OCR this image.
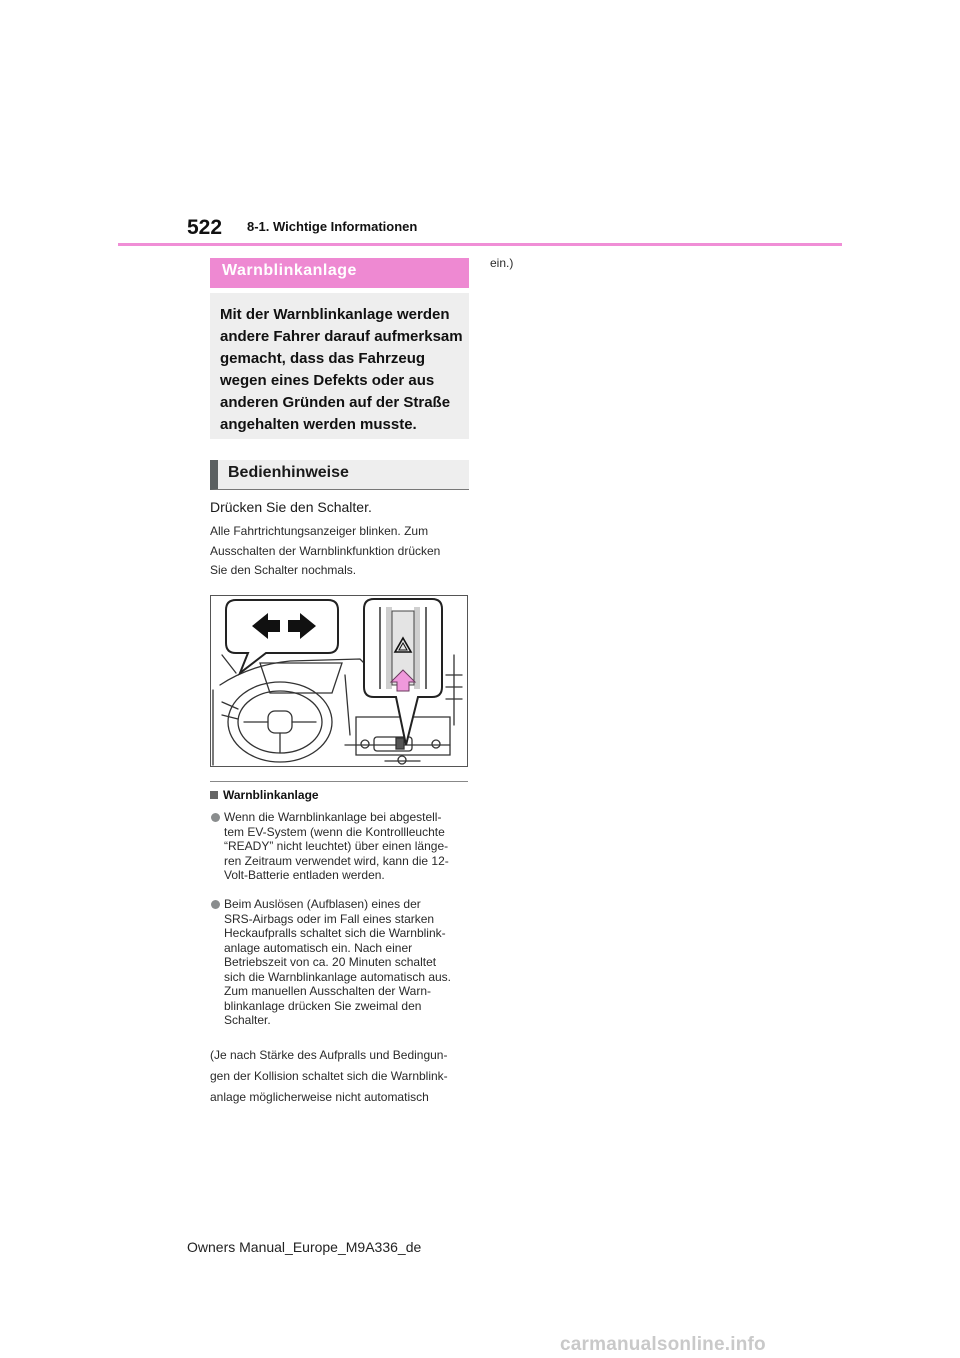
522 8-1. Wichtige Informationen
Warnblinkanlage
Mit der Warnblinkanlage werden
andere Fahrer darauf aufmerksam
gemacht, dass das Fahrzeug
wegen eines Defekts oder aus
anderen Gründen auf der Straße
angehalten werden musste.
Bedienhinweise
Drücken Sie den Schalter.
Alle Fahrtrichtungsanzeiger blinken. Zum
Ausschalten der Warnblinkfunktion drücken
Sie den Schalter nochmals.
Warnblinkanlage
Wenn die Warnblinkanlage bei abgestell-
tem EV-System (wenn die Kontrollleuchte
“READY” nicht leuchtet) über einen länge-
ren Zeitraum verwendet wird, kann die 12-
Volt-Batterie entladen werden.
Beim Auslösen (Aufblasen) eines der
SRS-Airbags oder im Fall eines starken
Heckaufpralls schaltet sich die Warnblink-
anlage automatisch ein. Nach einer
Betriebszeit von ca. 20 Minuten schaltet
sich die Warnblinkanlage automatisch aus.
Zum manuellen Ausschalten der Warn-
blinkanlage drücken Sie zweimal den
Schalter.
(Je nach Stärke des Aufpralls und Bedingun-
gen der Kollision schaltet sich die Warnblink-
anlage möglicherweise nicht automatisch
ein.)
Owners Manual_Europe_M9A336_de
carmanualsonline.info
